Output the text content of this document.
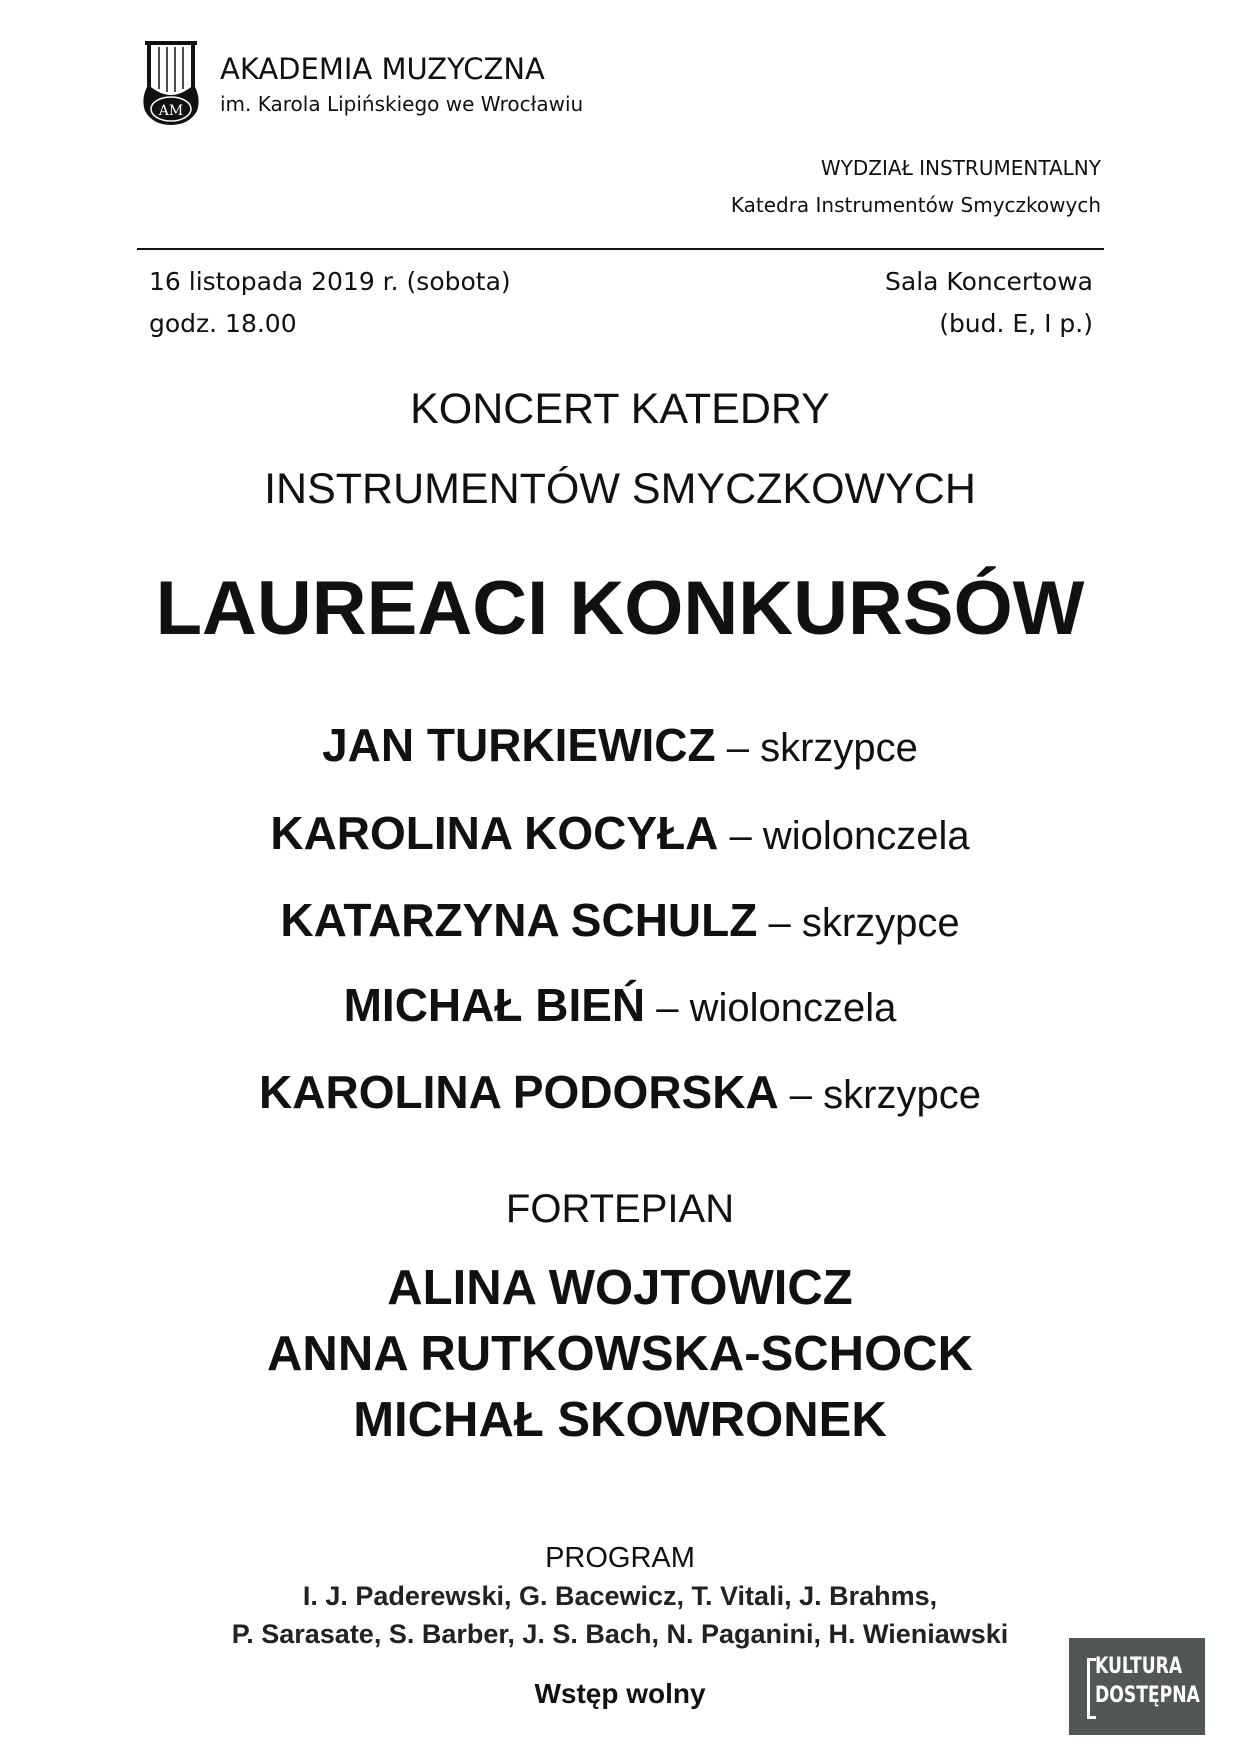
AM
AKADEMIA MUZYCZNA
im. Karola Lipińskiego we Wrocławiu
WYDZIAŁ INSTRUMENTALNY
Katedra Instrumentów Smyczkowych
16 listopada 2019 r. (sobota)
godz. 18.00
Sala Koncertowa
(bud. E, I p.)
KONCERT KATEDRY
INSTRUMENTÓW SMYCZKOWYCH
LAUREACI KONKURSÓW
JAN TURKIEWICZ – skrzypce
KAROLINA KOCYŁA – wiolonczela
KATARZYNA SCHULZ – skrzypce
MICHAŁ BIEŃ – wiolonczela
KAROLINA PODORSKA – skrzypce
FORTEPIAN
ALINA WOJTOWICZ
ANNA RUTKOWSKA-SCHOCK
MICHAŁ SKOWRONEK
PROGRAM
I. J. Paderewski, G. Bacewicz, T. Vitali, J. Brahms,
P. Sarasate, S. Barber, J. S. Bach, N. Paganini, H. Wieniawski
Wstęp wolny
KULTURA
DOSTĘPNA
